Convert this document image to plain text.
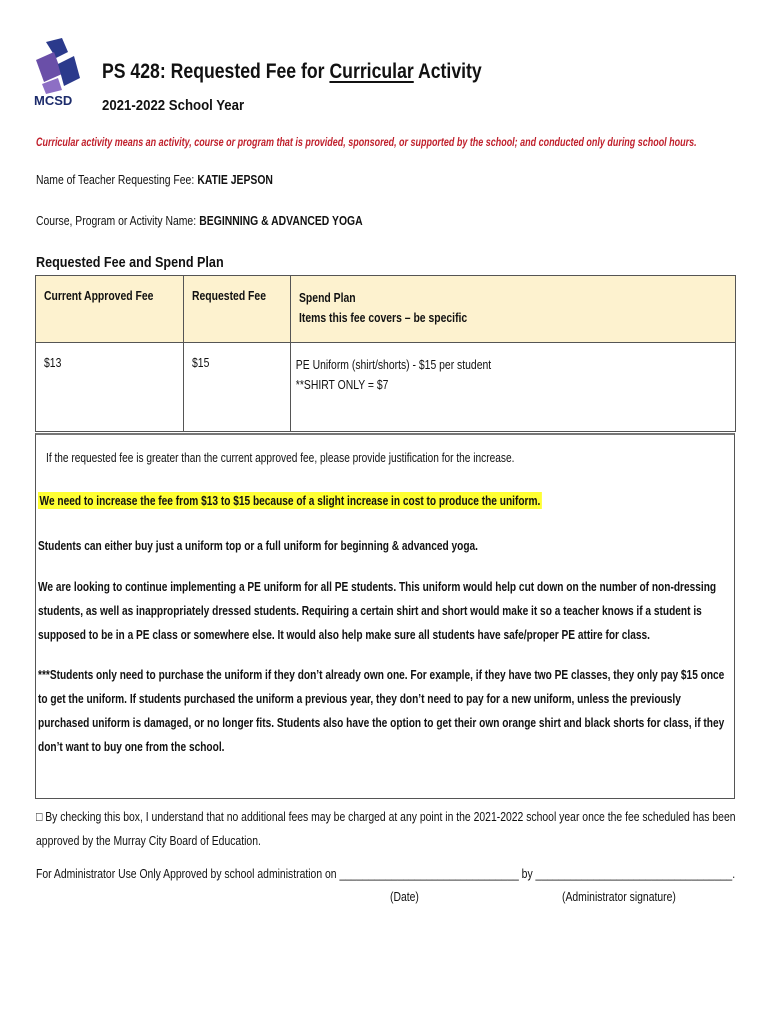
MCSD
PS 428: Requested Fee for Curricular Activity
2021-2022 School Year
Curricular activity means an activity, course or program that is provided, sponsored, or supported by the school; and conducted only during school hours.
Name of Teacher Requesting Fee: KATIE JEPSON
Course, Program or Activity Name: BEGINNING & ADVANCED YOGA
Requested Fee and Spend Plan
Current Approved Fee	Requested Fee	Spend Plan
Items this fee covers – be specific

$13	$15	PE Uniform (shirt/shorts) - $15 per student
**SHIRT ONLY = $7
If the requested fee is greater than the current approved fee, please provide justification for the increase.
We need to increase the fee from $13 to $15 because of a slight increase in cost to produce the uniform.
Students can either buy just a uniform top or a full uniform for beginning & advanced yoga.
We are looking to continue implementing a PE uniform for all PE students. This uniform would help cut down on the number of non-dressing students, as well as inappropriately dressed students. Requiring a certain shirt and short would make it so a teacher knows if a student is supposed to be in a PE class or somewhere else. It would also help make sure all students have safe/proper PE attire for class.
***Students only need to purchase the uniform if they don’t already own one. For example, if they have two PE classes, they only pay $15 once to get the uniform. If students purchased the uniform a previous year, they don’t need to pay for a new uniform, unless the previously purchased uniform is damaged, or no longer fits. Students also have the option to get their own orange shirt and black shorts for class, if they don’t want to buy one from the school.
□ By checking this box, I understand that no additional fees may be charged at any point in the 2021-2022 school year once the fee scheduled has been approved by the Murray City Board of Education.
For Administrator Use Only Approved by school administration on _______________________________ by __________________________________.
(Date)	(Administrator signature)
